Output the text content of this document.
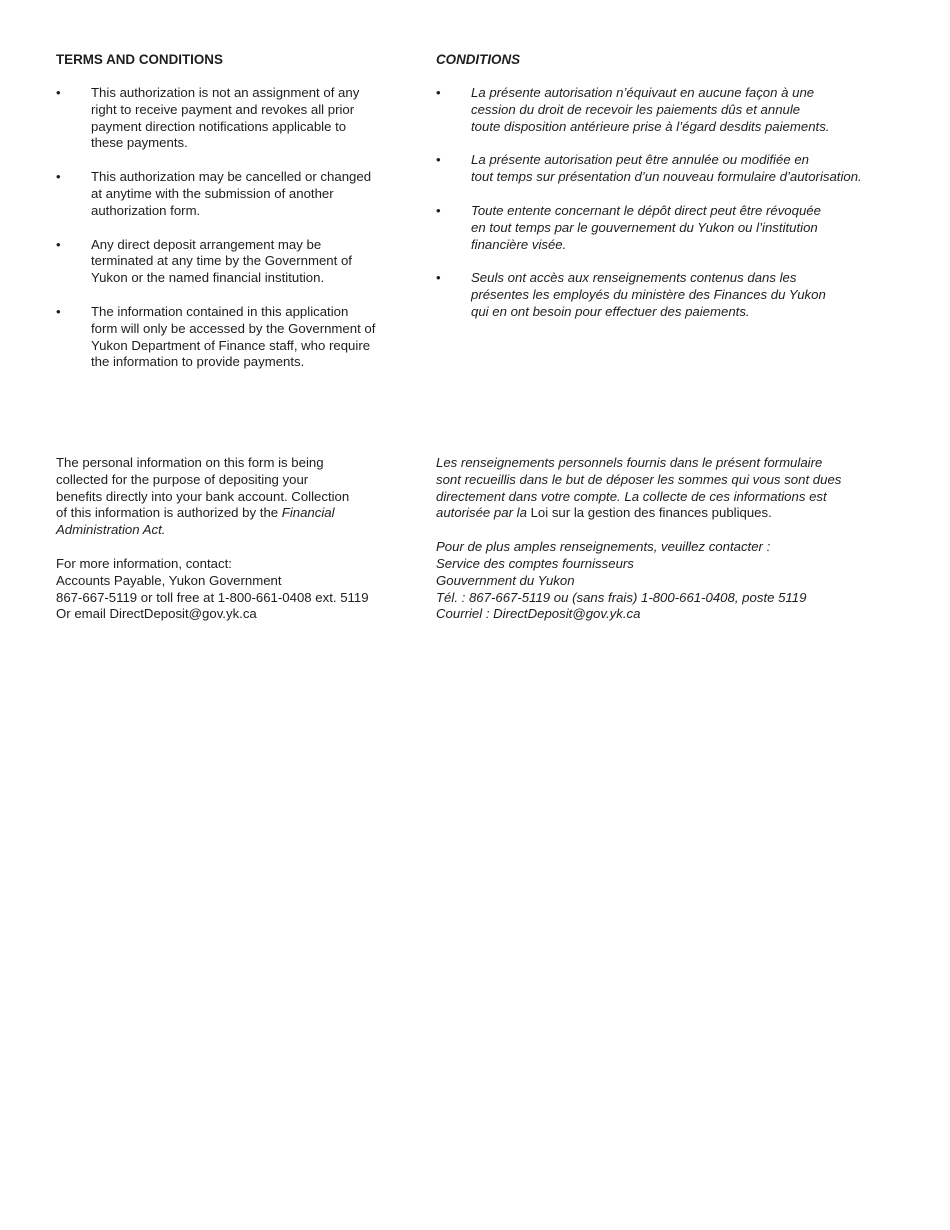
TERMS AND CONDITIONS
• This authorization is not an assignment of any
right to receive payment and revokes all prior
payment direction notifications applicable to
these payments.
• This authorization may be cancelled or changed
at anytime with the submission of another
authorization form.
• Any direct deposit arrangement may be
terminated at any time by the Government of
Yukon or the named financial institution.
• The information contained in this application
form will only be accessed by the Government of
Yukon Department of Finance staff, who require
the information to provide payments.
CONDITIONS
• La présente autorisation n’équivaut en aucune façon à une
cession du droit de recevoir les paiements dûs et annule
toute disposition antérieure prise à l’égard desdits paiements.
• La présente autorisation peut être annulée ou modifiée en
tout temps sur présentation d’un nouveau formulaire d’autorisation.
• Toute entente concernant le dépôt direct peut être révoquée
en tout temps par le gouvernement du Yukon ou l’institution
financière visée.
• Seuls ont accès aux renseignements contenus dans les
présentes les employés du ministère des Finances du Yukon
qui en ont besoin pour effectuer des paiements.
The personal information on this form is being
collected for the purpose of depositing your
benefits directly into your bank account. Collection
of this information is authorized by the Financial
Administration Act.
For more information, contact:
Accounts Payable, Yukon Government
867-667-5119 or toll free at 1-800-661-0408 ext. 5119
Or email DirectDeposit@gov.yk.ca
Les renseignements personnels fournis dans le présent formulaire
sont recueillis dans le but de déposer les sommes qui vous sont dues
directement dans votre compte. La collecte de ces informations est
autorisée par la Loi sur la gestion des finances publiques.
Pour de plus amples renseignements, veuillez contacter :
Service des comptes fournisseurs
Gouvernment du Yukon
Tél. : 867-667-5119 ou (sans frais) 1-800-661-0408, poste 5119
Courriel : DirectDeposit@gov.yk.ca
